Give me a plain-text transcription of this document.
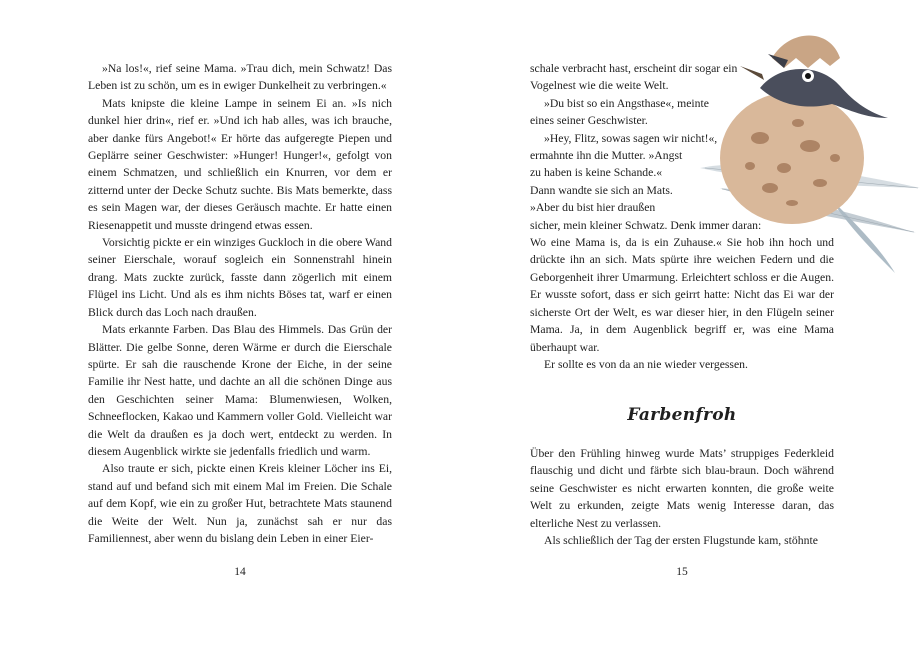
»Na los!«, rief seine Mama. »Trau dich, mein Schwatz! Das Leben ist zu schön, um es in ewiger Dunkelheit zu verbringen.«

Mats knipste die kleine Lampe in seinem Ei an. »Is nich dunkel hier drin«, rief er. »Und ich hab alles, was ich brauche, aber danke fürs Angebot!« Er hörte das aufgeregte Piepen und Geplärre seiner Geschwister: »Hunger! Hunger!«, gefolgt von einem Schmatzen, und schließlich ein Knurren, vor dem er zitternd unter der Decke Schutz suchte. Bis Mats bemerkte, dass es sein Magen war, der dieses Geräusch machte. Er hatte einen Riesenappetit und musste dringend etwas essen.

Vorsichtig pickte er ein winziges Guckloch in die obere Wand seiner Eierschale, worauf sogleich ein Sonnenstrahl hinein drang. Mats zuckte zurück, fasste dann zögerlich mit einem Flügel ins Licht. Und als es ihm nichts Böses tat, warf er einen Blick durch das Loch nach draußen.

Mats erkannte Farben. Das Blau des Himmels. Das Grün der Blätter. Die gelbe Sonne, deren Wärme er durch die Eierschale spürte. Er sah die rauschende Krone der Eiche, in der seine Familie ihr Nest hatte, und dachte an all die schönen Dinge aus den Geschichten seiner Mama: Blumenwiesen, Wolken, Schneeflocken, Kakao und Kammern voller Gold. Vielleicht war die Welt da draußen es ja doch wert, entdeckt zu werden. In diesem Augenblick wirkte sie jedenfalls friedlich und warm.

Also traute er sich, pickte einen Kreis kleiner Löcher ins Ei, stand auf und befand sich mit einem Mal im Freien. Die Schale auf dem Kopf, wie ein zu großer Hut, betrachtete Mats staunend die Weite der Welt. Nun ja, zunächst sah er nur das Familiennest, aber wenn du bislang dein Leben in einer Eier-

14
schale verbracht hast, erscheint dir sogar ein
Vogelnest wie die weite Welt.
»Du bist so ein Angsthase«, meinte
eines seiner Geschwister.
»Hey, Flitz, sowas sagen wir nicht!«,
ermahnte ihn die Mutter. »Angst
zu haben is keine Schande.«
Dann wandte sie sich an Mats.
»Aber du bist hier draußen
sicher, mein kleiner Schwatz. Denk immer daran:

Wo eine Mama is, da is ein Zuhause.« Sie hob ihn hoch und drückte ihn an sich. Mats spürte ihre weichen Federn und die Geborgenheit ihrer Umarmung. Erleichtert schloss er die Augen. Er wusste sofort, dass er sich geirrt hatte: Nicht das Ei war der sicherste Ort der Welt, es war dieser hier, in den Flügeln seiner Mama. Ja, in dem Augenblick begriff er, was eine Mama überhaupt war.

Er sollte es von da an nie wieder vergessen.

Farbenfroh

Über den Frühling hinweg wurde Mats’ struppiges Federkleid flauschig und dicht und färbte sich blau-braun. Doch während seine Geschwister es nicht erwarten konnten, die große weite Welt zu erkunden, zeigte Mats wenig Interesse daran, das elterliche Nest zu verlassen.

Als schließlich der Tag der ersten Flugstunde kam, stöhnte

15
